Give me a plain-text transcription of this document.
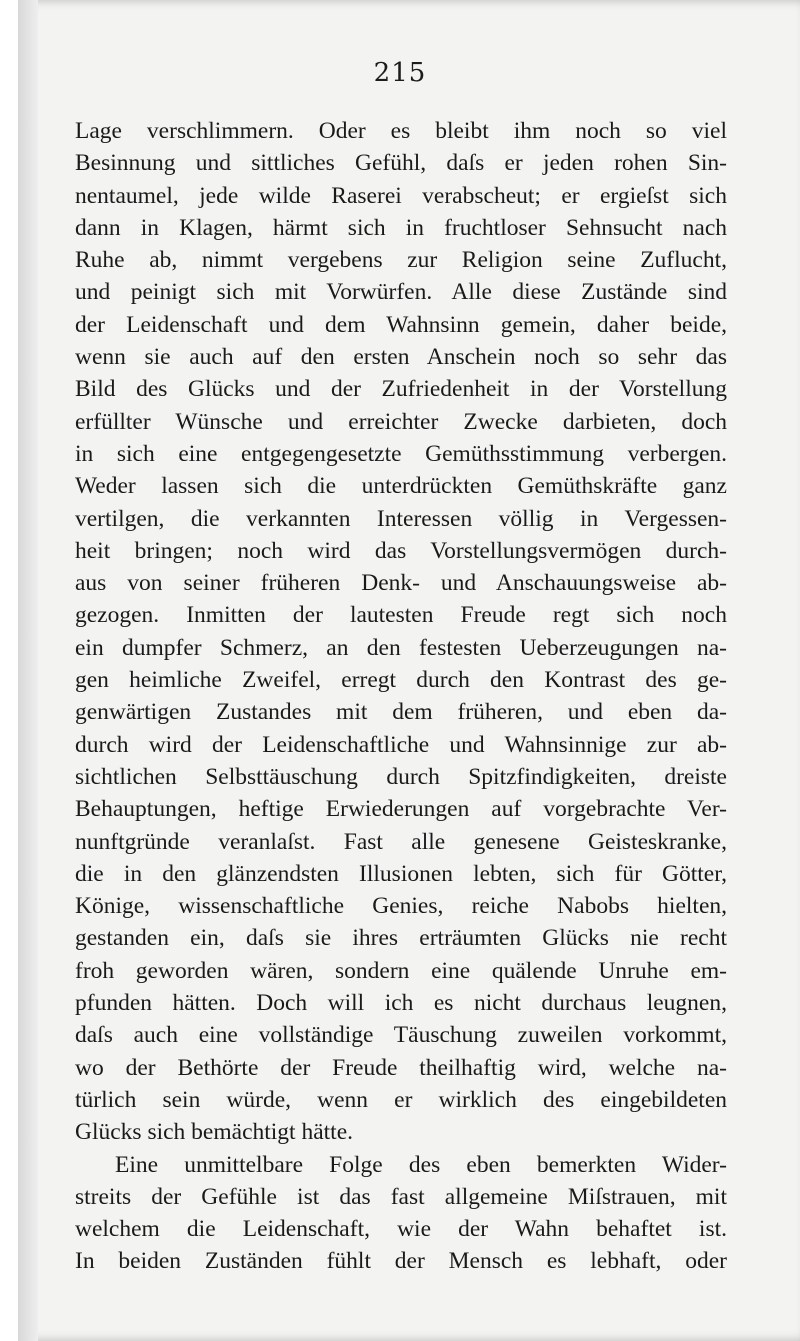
215
Lage verschlimmern. Oder es bleibt ihm noch so viel
Besinnung und sittliches Gefühl, daſs er jeden rohen Sin-
nentaumel, jede wilde Raserei verabscheut; er ergieſst sich
dann in Klagen, härmt sich in fruchtloser Sehnsucht nach
Ruhe ab, nimmt vergebens zur Religion seine Zuflucht,
und peinigt sich mit Vorwürfen. Alle diese Zustände sind
der Leidenschaft und dem Wahnsinn gemein, daher beide,
wenn sie auch auf den ersten Anschein noch so sehr das
Bild des Glücks und der Zufriedenheit in der Vorstellung
erfüllter Wünsche und erreichter Zwecke darbieten, doch
in sich eine entgegengesetzte Gemüthsstimmung verbergen.
Weder lassen sich die unterdrückten Gemüthskräfte ganz
vertilgen, die verkannten Interessen völlig in Vergessen-
heit bringen; noch wird das Vorstellungsvermögen durch-
aus von seiner früheren Denk- und Anschauungsweise ab-
gezogen. Inmitten der lautesten Freude regt sich noch
ein dumpfer Schmerz, an den festesten Ueberzeugungen na-
gen heimliche Zweifel, erregt durch den Kontrast des ge-
genwärtigen Zustandes mit dem früheren, und eben da-
durch wird der Leidenschaftliche und Wahnsinnige zur ab-
sichtlichen Selbsttäuschung durch Spitzfindigkeiten, dreiste
Behauptungen, heftige Erwiederungen auf vorgebrachte Ver-
nunftgründe veranlaſst. Fast alle genesene Geisteskranke,
die in den glänzendsten Illusionen lebten, sich für Götter,
Könige, wissenschaftliche Genies, reiche Nabobs hielten,
gestanden ein, daſs sie ihres erträumten Glücks nie recht
froh geworden wären, sondern eine quälende Unruhe em-
pfunden hätten. Doch will ich es nicht durchaus leugnen,
daſs auch eine vollständige Täuschung zuweilen vorkommt,
wo der Bethörte der Freude theilhaftig wird, welche na-
türlich sein würde, wenn er wirklich des eingebildeten
Glücks sich bemächtigt hätte.
Eine unmittelbare Folge des eben bemerkten Wider-
streits der Gefühle ist das fast allgemeine Miſstrauen, mit
welchem die Leidenschaft, wie der Wahn behaftet ist.
In beiden Zuständen fühlt der Mensch es lebhaft, oder
